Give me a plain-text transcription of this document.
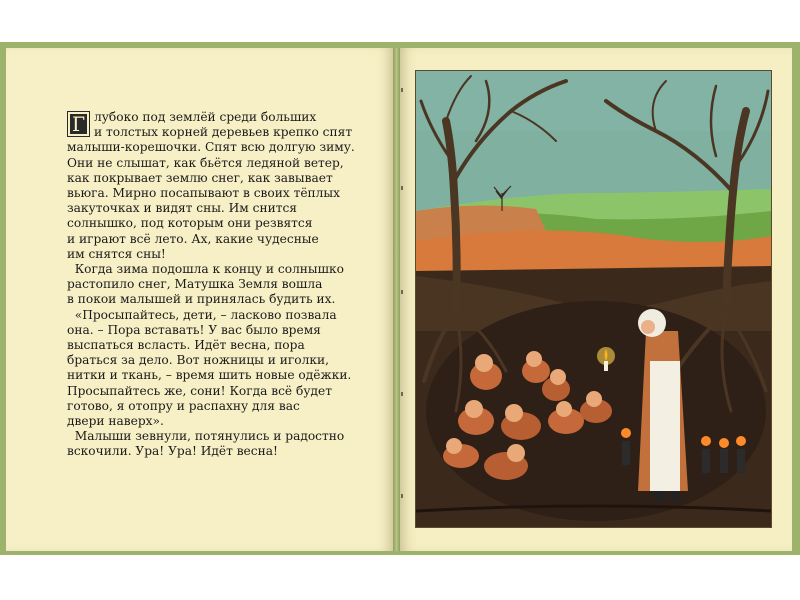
Г лубоко под землёй среди больших
и толстых корней деревьев крепко спят
малыши-корешочки. Спят всю долгую зиму.
Они не слышат, как бьётся ледяной ветер,
как покрывает землю снег, как завывает
вьюга. Мирно посапывают в своих тёплых
закуточках и видят сны. Им снится
солнышко, под которым они резвятся
и играют всё лето. Ах, какие чудесные
им снятся сны!

Когда зима подошла к концу и солнышко
растопило снег, Матушка Земля вошла
в покои малышей и принялась будить их.

«Просыпайтесь, дети, – ласково позвала
она. – Пора вставать! У вас было время
выспаться всласть. Идёт весна, пора
браться за дело. Вот ножницы и иголки,
нитки и ткань, – время шить новые одёжки.
Просыпайтесь же, сони! Когда всё будет
готово, я отопру и распахну для вас
двери наверх».

Малыши зевнули, потянулись и радостно
вскочили. Ура! Ура! Идёт весна!
